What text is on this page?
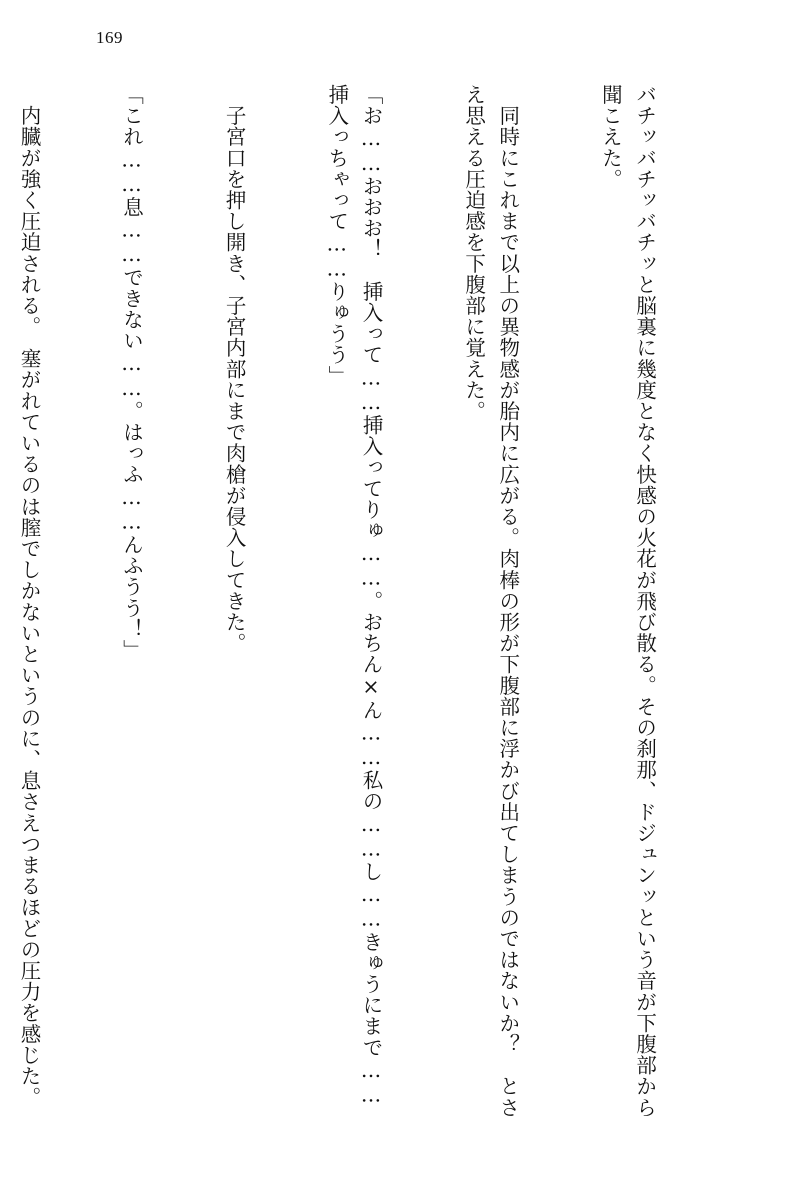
169

バチッバチッバチッと脳裏に幾度となく快感の火花が飛び散る。その刹那、ドジュンッという音が下腹部から聞こえた。

　同時にこれまで以上の異物感が胎内に広がる。肉棒の形が下腹部に浮かび出てしまうのではないか？　とさえ思える圧迫感を下腹部に覚えた。

「お……おおお！　挿入って……挿入ってりゅ……。おちん×ん……私の……し……きゅうにまで……挿入っちゃって……りゅうう」

　子宮口を押し開き、子宮内部にまで肉槍が侵入してきた。

「これ……息……できない……。はっふ……んふうう！」

　内臓が強く圧迫される。　塞がれているのは膣でしかないというのに、息さえつまるほどの圧力を感じた。
